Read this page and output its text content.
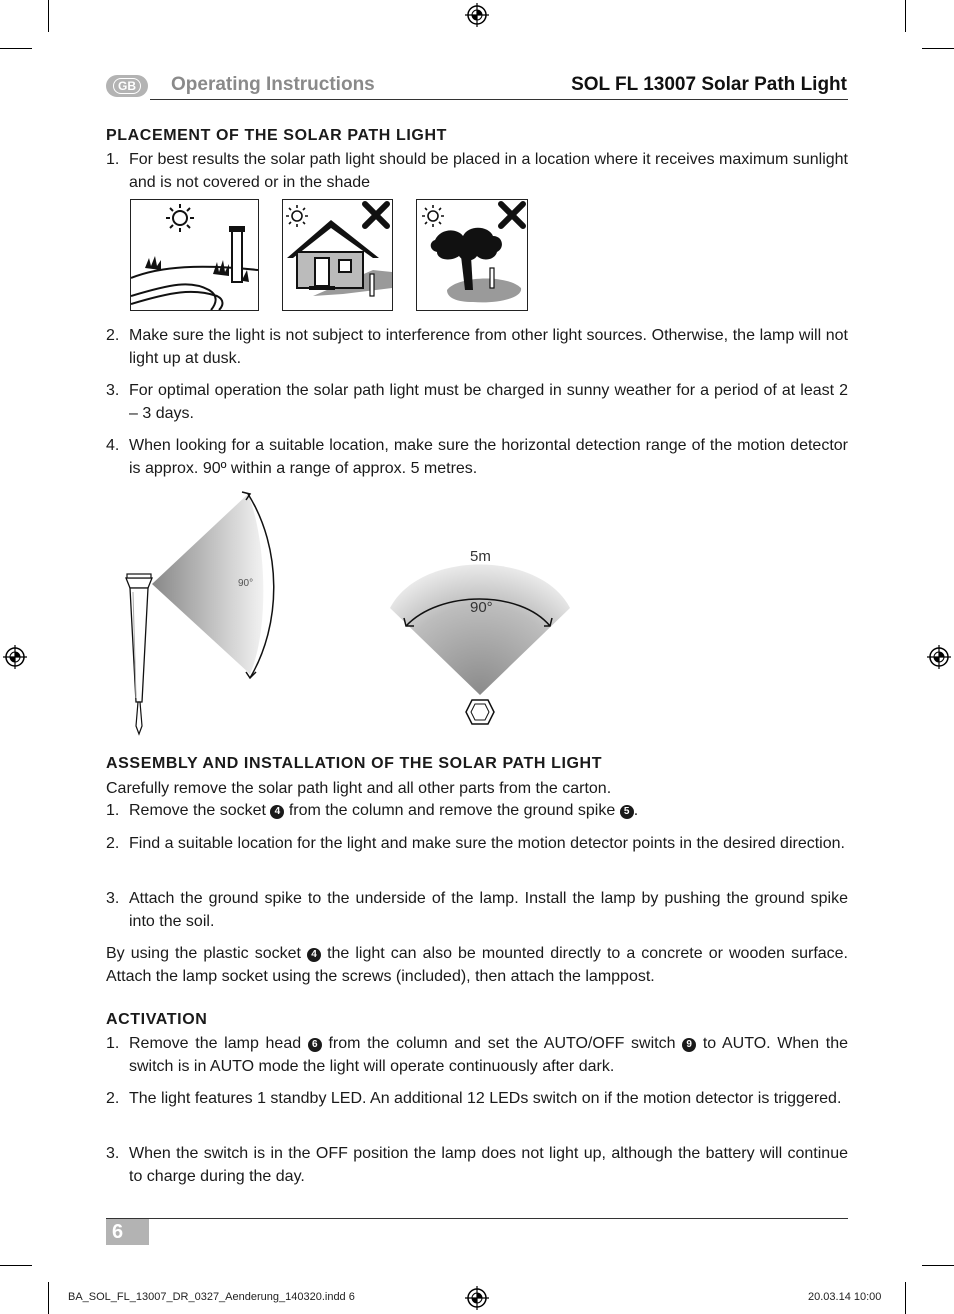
GB	Operating Instructions	SOL FL 13007 Solar Path Light
PLACEMENT OF THE SOLAR PATH LIGHT
1. For best results the solar path light should be placed in a location where it receives maximum sunlight and is not covered or in the shade
2. Make sure the light is not subject to interference from other light sources. Otherwise, the lamp will not light up at dusk.
3. For optimal operation the solar path light must be charged in sunny weather for a period of at least 2 – 3 days.
4. When looking for a suitable location, make sure the horizontal detection range of the motion detector is approx. 90º within a range of approx. 5 metres.
90°
5m
90°
ASSEMBLY AND INSTALLATION OF THE SOLAR PATH LIGHT
Carefully remove the solar path light and all other parts from the carton.
1. Remove the socket 4 from the column and remove the ground spike 5 .
2. Find a suitable location for the light and make sure the motion detector points in the desired direction.
3. Attach the ground spike to the underside of the lamp. Install the lamp by pushing the ground spike into the soil.
By using the plastic socket 4 the light can also be mounted directly to a concrete or wooden surface. Attach the lamp socket using the screws (included), then attach the lamppost.
ACTIVATION
1. Remove the lamp head 6 from the column and set the AUTO/OFF switch 9 to AUTO. When the switch is in AUTO mode the light will operate continuously after dark.
2. The light features 1 standby LED. An additional 12 LEDs switch on if the motion detector is triggered.
3. When the switch is in the OFF position the lamp does not light up, although the battery will continue to charge during the day.
6
BA_SOL_FL_13007_DR_0327_Aenderung_140320.indd 6	20.03.14 10:00
